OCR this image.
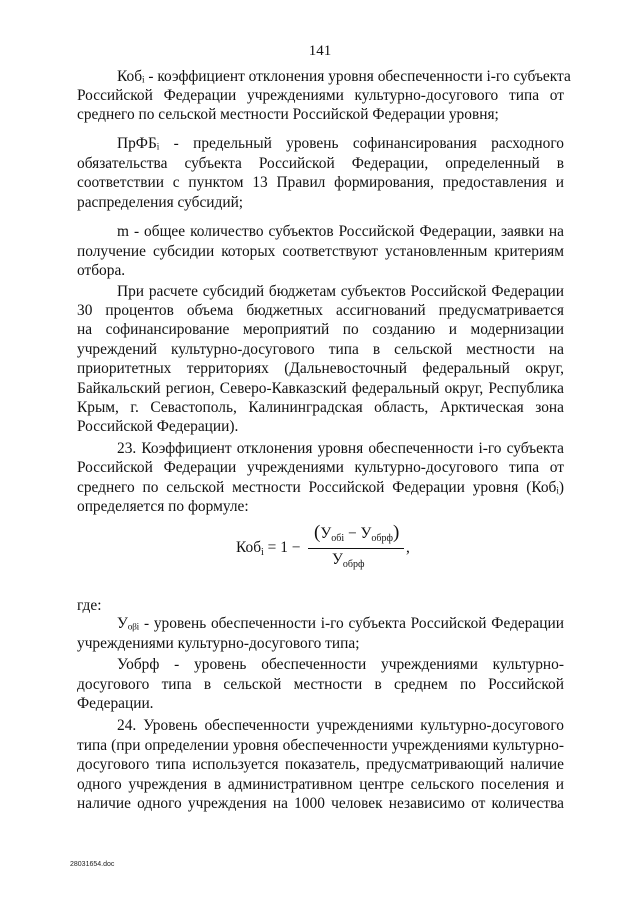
141
Кобᵢ - коэффициент отклонения уровня обеспеченности i-го субъекта
Российской Федерации учреждениями культурно-досугового типа от
среднего по сельской местности Российской Федерации уровня;
ПрФБᵢ - предельный уровень софинансирования расходного
обязательства субъекта Российской Федерации, определенный в
соответствии с пунктом 13 Правил формирования, предоставления и
распределения субсидий;
m - общее количество субъектов Российской Федерации, заявки на
получение субсидии которых соответствуют установленным критериям
отбора.
При расчете субсидий бюджетам субъектов Российской Федерации
30 процентов объема бюджетных ассигнований предусматривается
на софинансирование мероприятий по созданию и модернизации
учреждений культурно-досугового типа в сельской местности на
приоритетных территориях (Дальневосточный федеральный округ,
Байкальский регион, Северо-Кавказский федеральный округ, Республика
Крым, г. Севастополь, Калининградская область, Арктическая зона
Российской Федерации).
23. Коэффициент отклонения уровня обеспеченности i-го субъекта
Российской Федерации учреждениями культурно-досугового типа от
среднего по сельской местности Российской Федерации уровня (Кобᵢ)
определяется по формуле:
Коб$_i$ = 1 −
$(У_{обi} - У_{обрф})$
$У_{обрф}$
,
где:
Уₒᵦᵢ - уровень обеспеченности i-го субъекта Российской Федерации
учреждениями культурно-досугового типа;
Уобрф - уровень обеспеченности учреждениями культурно-
досугового типа в сельской местности в среднем по Российской
Федерации.
24. Уровень обеспеченности учреждениями культурно-досугового
типа (при определении уровня обеспеченности учреждениями культурно-
досугового типа используется показатель, предусматривающий наличие
одного учреждения в административном центре сельского поселения и
наличие одного учреждения на 1000 человек независимо от количества
28031654.doc
